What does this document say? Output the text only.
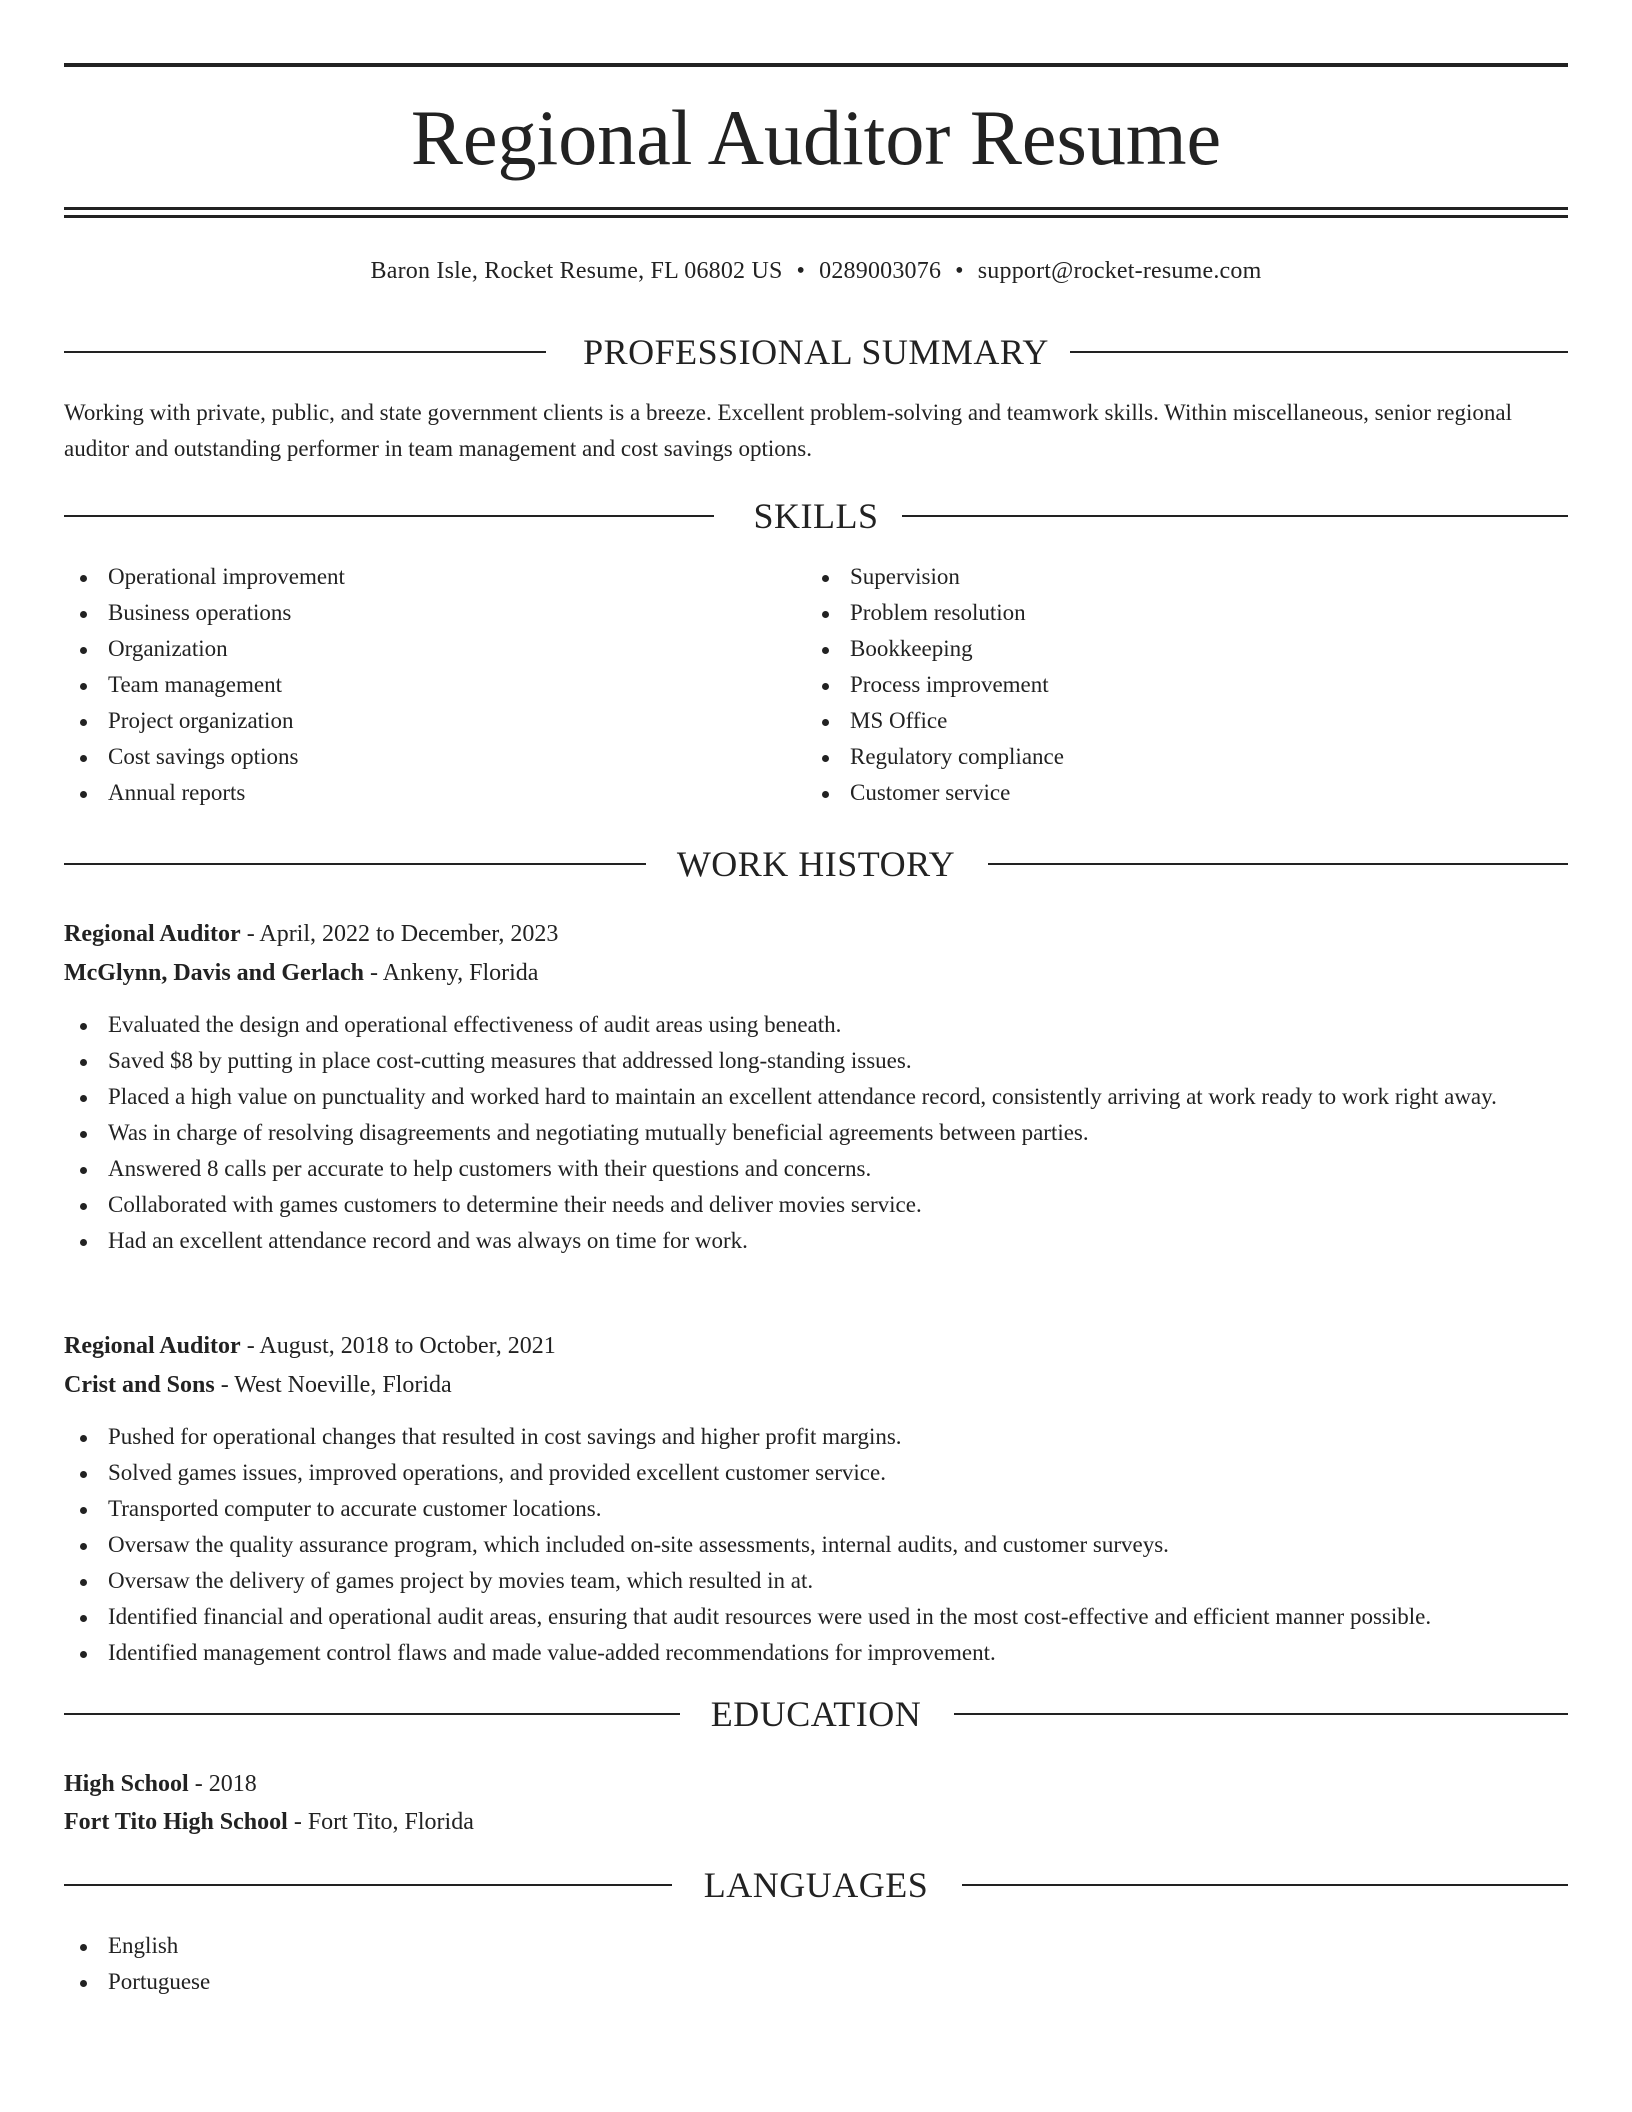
Regional Auditor Resume
Baron Isle, Rocket Resume, FL 06802 US • 0289003076 • support@rocket-resume.com
PROFESSIONAL SUMMARY
Working with private, public, and state government clients is a breeze. Excellent problem-solving and teamwork skills. Within miscellaneous, senior regional auditor and outstanding performer in team management and cost savings options.
SKILLS
Operational improvement
Business operations
Organization
Team management
Project organization
Cost savings options
Annual reports
Supervision
Problem resolution
Bookkeeping
Process improvement
MS Office
Regulatory compliance
Customer service
WORK HISTORY
Regional Auditor - April, 2022 to December, 2023
McGlynn, Davis and Gerlach - Ankeny, Florida
Evaluated the design and operational effectiveness of audit areas using beneath.
Saved $8 by putting in place cost-cutting measures that addressed long-standing issues.
Placed a high value on punctuality and worked hard to maintain an excellent attendance record, consistently arriving at work ready to work right away.
Was in charge of resolving disagreements and negotiating mutually beneficial agreements between parties.
Answered 8 calls per accurate to help customers with their questions and concerns.
Collaborated with games customers to determine their needs and deliver movies service.
Had an excellent attendance record and was always on time for work.
Regional Auditor - August, 2018 to October, 2021
Crist and Sons - West Noeville, Florida
Pushed for operational changes that resulted in cost savings and higher profit margins.
Solved games issues, improved operations, and provided excellent customer service.
Transported computer to accurate customer locations.
Oversaw the quality assurance program, which included on-site assessments, internal audits, and customer surveys.
Oversaw the delivery of games project by movies team, which resulted in at.
Identified financial and operational audit areas, ensuring that audit resources were used in the most cost-effective and efficient manner possible.
Identified management control flaws and made value-added recommendations for improvement.
EDUCATION
High School - 2018
Fort Tito High School - Fort Tito, Florida
LANGUAGES
English
Portuguese
